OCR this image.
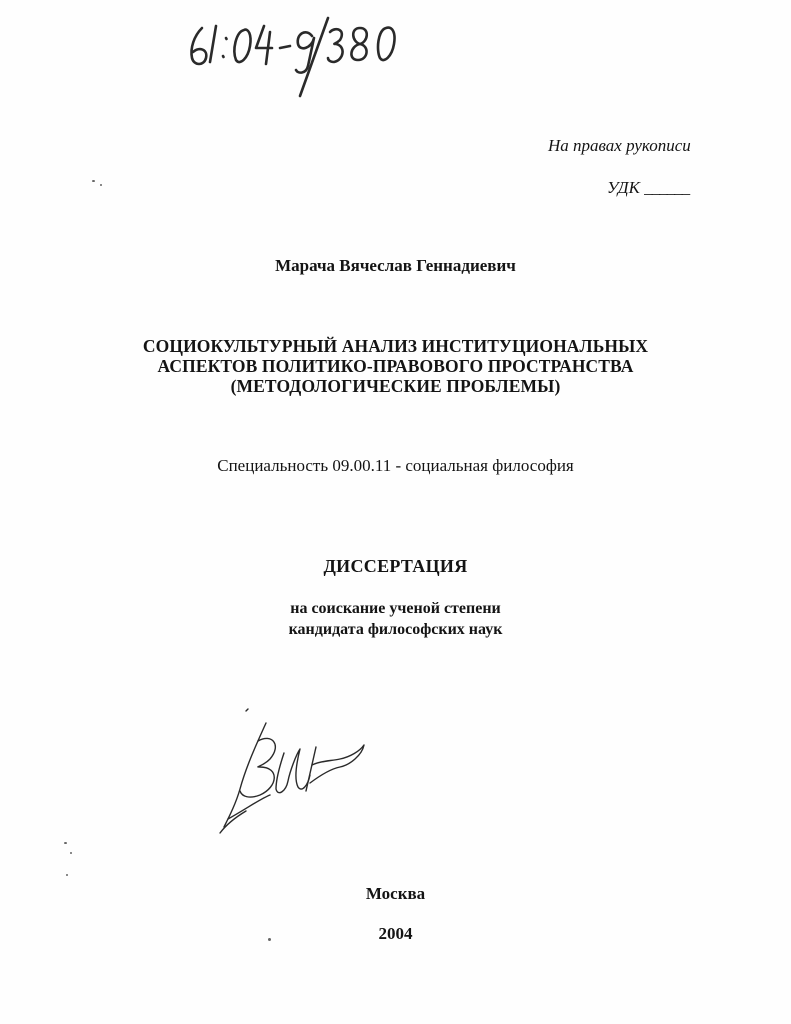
На правах рукописи
УДК ______
Марача Вячеслав Геннадиевич
СОЦИОКУЛЬТУРНЫЙ АНАЛИЗ ИНСТИТУЦИОНАЛЬНЫХ
АСПЕКТОВ ПОЛИТИКО-ПРАВОВОГО ПРОСТРАНСТВА
(МЕТОДОЛОГИЧЕСКИЕ ПРОБЛЕМЫ)
Специальность 09.00.11 - социальная философия
ДИССЕРТАЦИЯ
на соискание ученой степени
кандидата философских наук
Москва
2004
